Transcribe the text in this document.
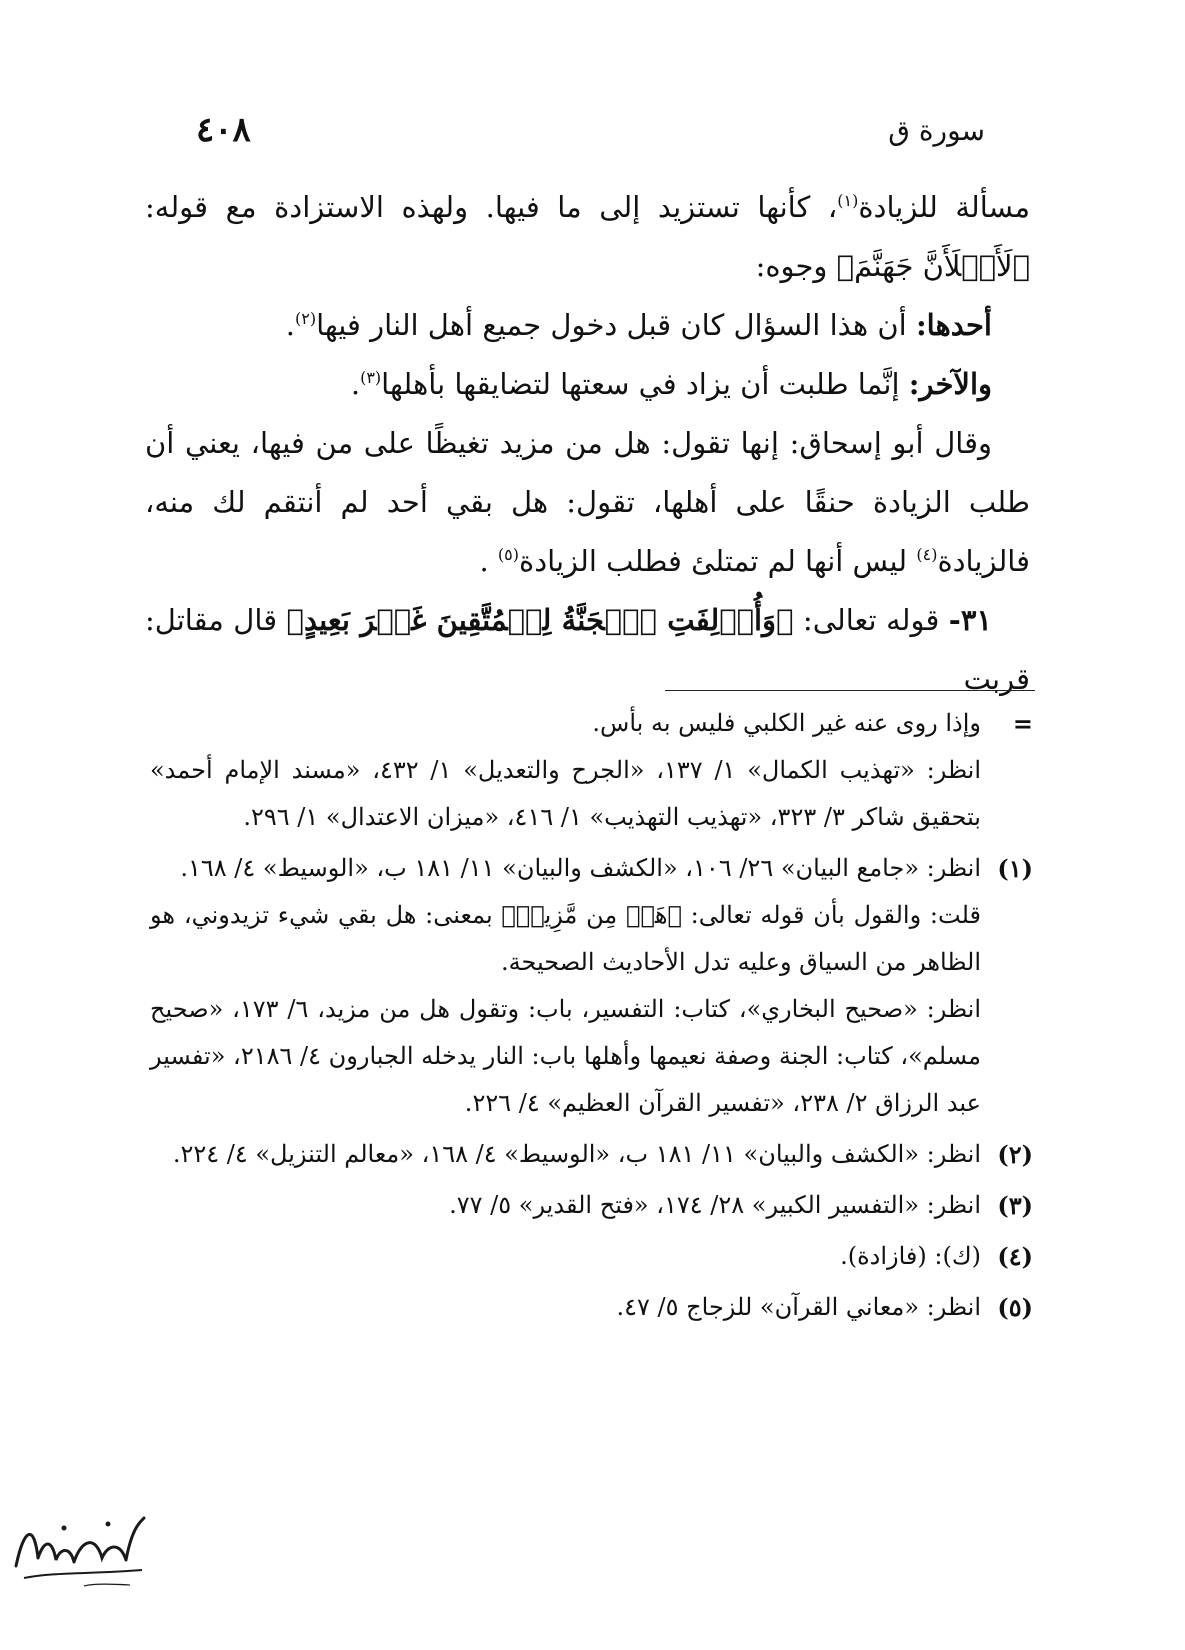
٤٠٨	سورة ق

مسألة للزيادة$^{(١)}$، كأنها تستزيد إلى ما فيها. ولهذه الاستزادة مع قوله: ﴿لَأَمۡلَأَنَّ جَهَنَّمَ﴾ وجوه:

أحدها: أن هذا السؤال كان قبل دخول جميع أهل النار فيها$^{(٢)}$.

والآخر: إنَّما طلبت أن يزاد في سعتها لتضايقها بأهلها$^{(٣)}$.

وقال أبو إسحاق: إنها تقول: هل من مزيد تغيظًا على من فيها، يعني أن طلب الزيادة حنقًا على أهلها، تقول: هل بقي أحد لم أنتقم لك منه، فالزيادة$^{(٤)}$ ليس أنها لم تمتلئ فطلب الزيادة$^{(٥)}$ .

٣١- قوله تعالى: ﴿وَأُزۡلِفَتِ ٱلۡجَنَّةُ لِلۡمُتَّقِينَ غَيۡرَ بَعِيدٍ﴾ قال مقاتل: قربت

=

وإذا روى عنه غير الكلبي فليس به بأس.

انظر: «تهذيب الكمال» ١/ ١٣٧، «الجرح والتعديل» ١/ ٤٣٢، «مسند الإمام أحمد» بتحقيق شاكر ٣/ ٣٢٣، «تهذيب التهذيب» ١/ ٤١٦، «ميزان الاعتدال» ١/ ٢٩٦.

(١)

انظر: «جامع البيان» ٢٦/ ١٠٦، «الكشف والبيان» ١١/ ١٨١ ب، «الوسيط» ٤/ ١٦٨.

قلت: والقول بأن قوله تعالى: ﴿هَلۡ مِن مَّزِيدٖ﴾ بمعنى: هل بقي شيء تزيدوني، هو الظاهر من السياق وعليه تدل الأحاديث الصحيحة.

انظر: «صحيح البخاري»، كتاب: التفسير، باب: وتقول هل من مزيد، ٦/ ١٧٣، «صحيح مسلم»، كتاب: الجنة وصفة نعيمها وأهلها باب: النار يدخله الجبارون ٤/ ٢١٨٦، «تفسير عبد الرزاق ٢/ ٢٣٨، «تفسير القرآن العظيم» ٤/ ٢٢٦.

(٢)

انظر: «الكشف والبيان» ١١/ ١٨١ ب، «الوسيط» ٤/ ١٦٨، «معالم التنزيل» ٤/ ٢٢٤.

(٣)

انظر: «التفسير الكبير» ٢٨/ ١٧٤، «فتح القدير» ٥/ ٧٧.

(٤)

(ك): (فازادة).

(٥)

انظر: «معاني القرآن» للزجاج ٥/ ٤٧.
